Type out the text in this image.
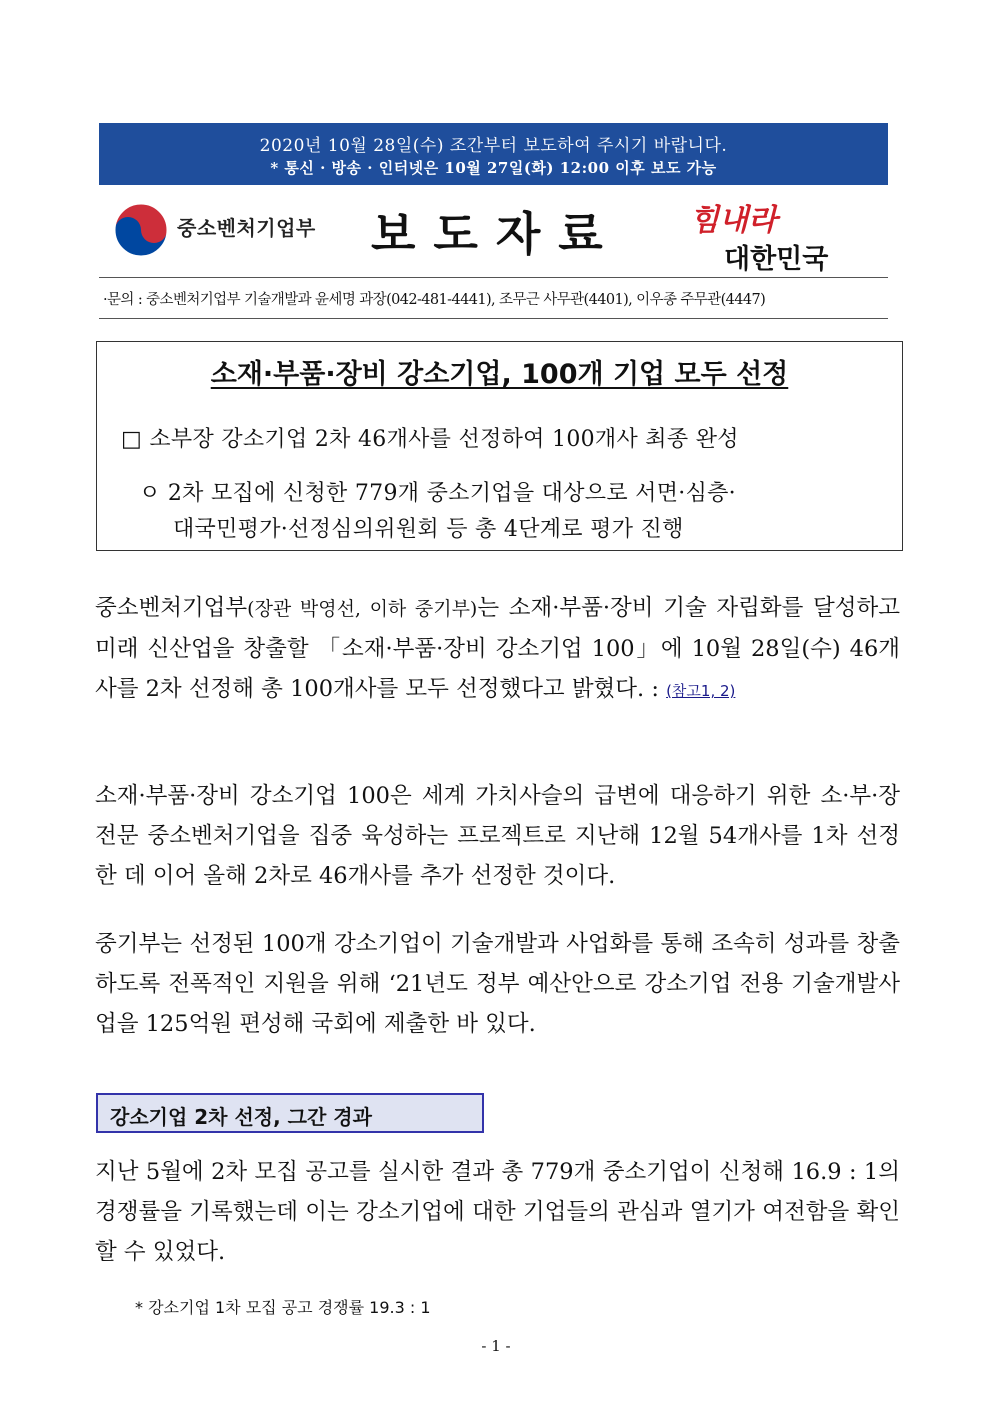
2020년 10월 28일(수) 조간부터 보도하여 주시기 바랍니다.
* 통신 · 방송 · 인터넷은 10월 27일(화) 12:00 이후 보도 가능
중소벤처기업부 보도자료 힘내라
대한민국
·문의 : 중소벤처기업부 기술개발과 윤세명 과장(042-481-4441), 조무근 사무관(4401), 이우종 주무관(4447)
소재·부품·장비 강소기업, 100개 기업 모두 선정
□ 소부장 강소기업 2차 46개사를 선정하여 100개사 최종 완성
ㅇ 2차 모집에 신청한 779개 중소기업을 대상으로 서면·심층·
대국민평가·선정심의위원회 등 총 4단계로 평가 진행
중소벤처기업부(장관 박영선, 이하 중기부)는 소재·부품·장비 기술 자립화를 달성하고 미래 신산업을 창출할 「소재·부품·장비 강소기업 100」에 10월 28일(수) 46개사를 2차 선정해 총 100개사를 모두 선정했다고 밝혔다. : (참고1, 2)
소재·부품·장비 강소기업 100은 세계 가치사슬의 급변에 대응하기 위한 소·부·장 전문 중소벤처기업을 집중 육성하는 프로젝트로 지난해 12월 54개사를 1차 선정한 데 이어 올해 2차로 46개사를 추가 선정한 것이다.
중기부는 선정된 100개 강소기업이 기술개발과 사업화를 통해 조속히 성과를 창출하도록 전폭적인 지원을 위해 ‘21년도 정부 예산안으로 강소기업 전용 기술개발사업을 125억원 편성해 국회에 제출한 바 있다.
강소기업 2차 선정, 그간 경과
지난 5월에 2차 모집 공고를 실시한 결과 총 779개 중소기업이 신청해 16.9 : 1의 경쟁률을 기록했는데 이는 강소기업에 대한 기업들의 관심과 열기가 여전함을 확인할 수 있었다.
* 강소기업 1차 모집 공고 경쟁률 19.3 : 1
- 1 -
